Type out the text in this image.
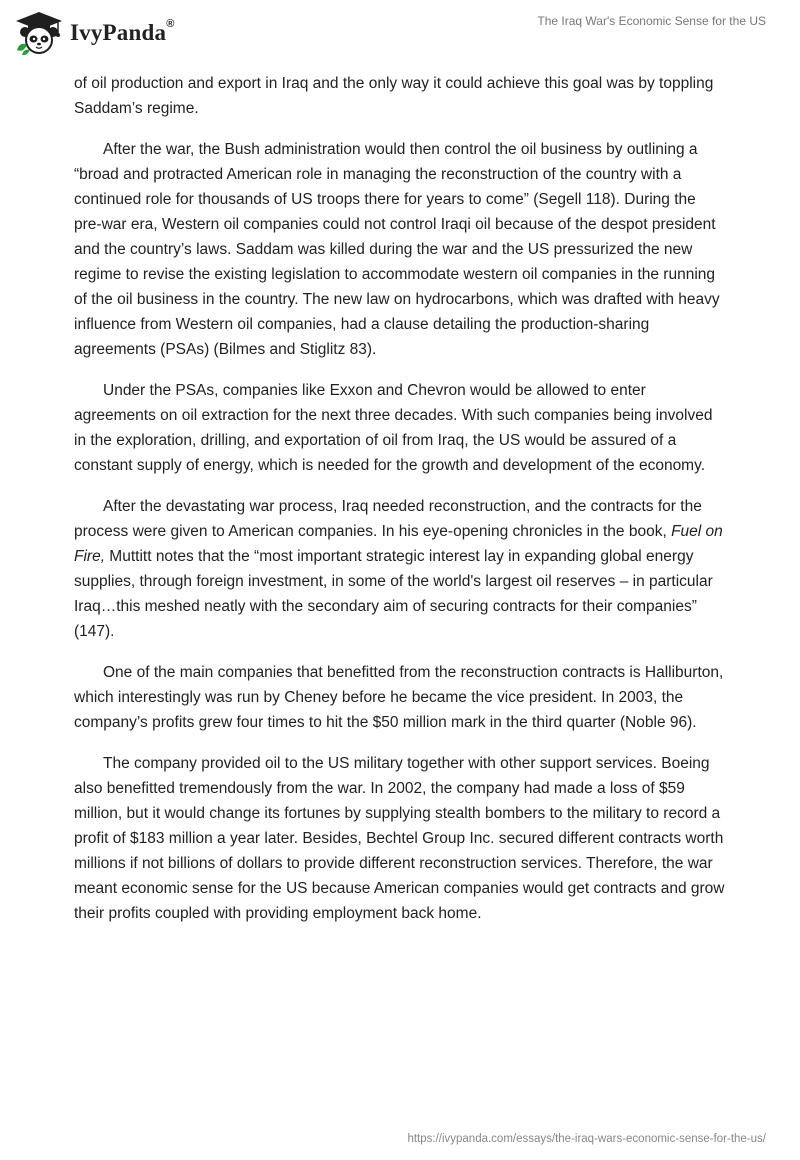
IvyPanda®	The Iraq War's Economic Sense for the US

of oil production and export in Iraq and the only way it could achieve this goal was by toppling Saddam’s regime.

After the war, the Bush administration would then control the oil business by outlining a “broad and protracted American role in managing the reconstruction of the country with a continued role for thousands of US troops there for years to come” (Segell 118). During the pre-war era, Western oil companies could not control Iraqi oil because of the despot president and the country’s laws. Saddam was killed during the war and the US pressurized the new regime to revise the existing legislation to accommodate western oil companies in the running of the oil business in the country. The new law on hydrocarbons, which was drafted with heavy influence from Western oil companies, had a clause detailing the production-sharing agreements (PSAs) (Bilmes and Stiglitz 83).

Under the PSAs, companies like Exxon and Chevron would be allowed to enter agreements on oil extraction for the next three decades. With such companies being involved in the exploration, drilling, and exportation of oil from Iraq, the US would be assured of a constant supply of energy, which is needed for the growth and development of the economy.

After the devastating war process, Iraq needed reconstruction, and the contracts for the process were given to American companies. In his eye-opening chronicles in the book, Fuel on Fire, Muttitt notes that the “most important strategic interest lay in expanding global energy supplies, through foreign investment, in some of the world's largest oil reserves – in particular Iraq…this meshed neatly with the secondary aim of securing contracts for their companies” (147).

One of the main companies that benefitted from the reconstruction contracts is Halliburton, which interestingly was run by Cheney before he became the vice president. In 2003, the company’s profits grew four times to hit the $50 million mark in the third quarter (Noble 96).

The company provided oil to the US military together with other support services. Boeing also benefitted tremendously from the war. In 2002, the company had made a loss of $59 million, but it would change its fortunes by supplying stealth bombers to the military to record a profit of $183 million a year later. Besides, Bechtel Group Inc. secured different contracts worth millions if not billions of dollars to provide different reconstruction services. Therefore, the war meant economic sense for the US because American companies would get contracts and grow their profits coupled with providing employment back home.

https://ivypanda.com/essays/the-iraq-wars-economic-sense-for-the-us/
